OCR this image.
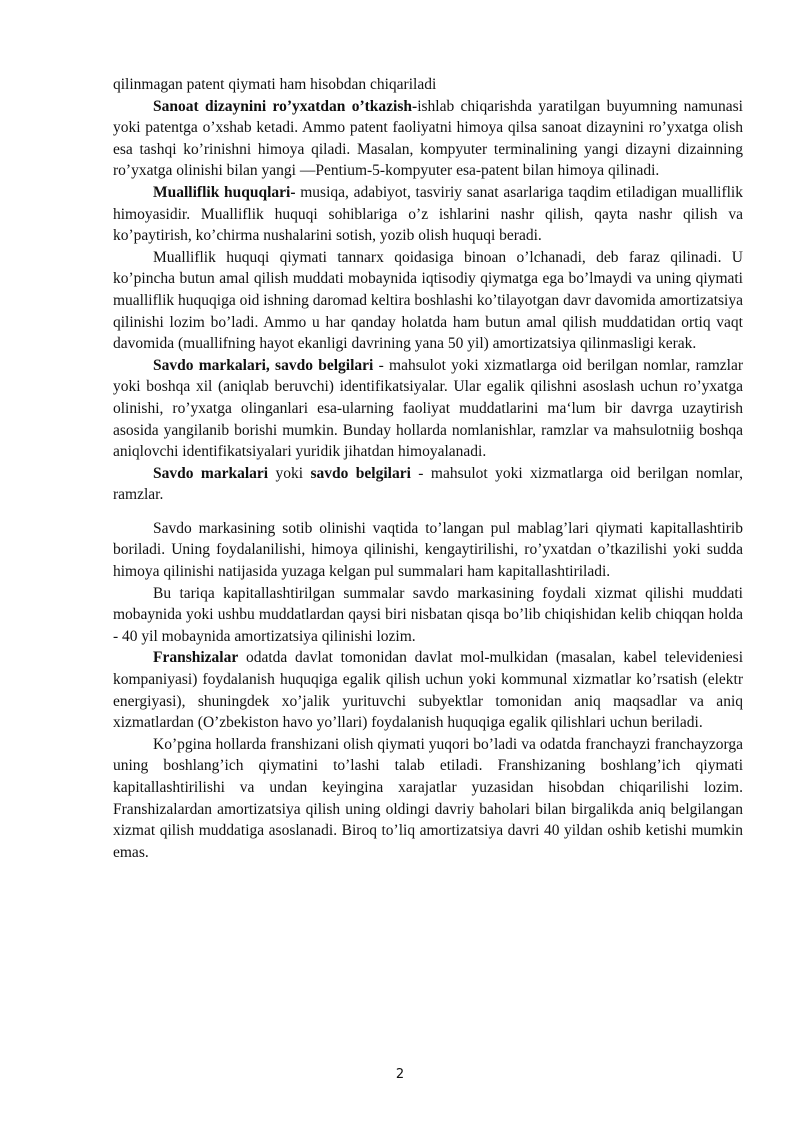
qilinmagan patent qiymati ham hisobdan chiqariladi

Sanoat dizaynini ro’yxatdan o’tkazish-ishlab chiqarishda yaratilgan buyumning namunasi yoki patentga o’xshab ketadi. Ammo patent faoliyatni himoya qilsa sanoat dizaynini ro’yxatga olish esa tashqi ko’rinishni himoya qiladi. Masalan, kompyuter terminalining yangi dizayni dizainning ro’yxatga olinishi bilan yangi —Pentium-5-kompyuter esa-patent bilan himoya qilinadi.

Mualliflik huquqlari- musiqa, adabiyot, tasviriy sanat asarlariga taqdim etiladigan mualliflik himoyasidir. Mualliflik huquqi sohiblariga o’z ishlarini nashr qilish, qayta nashr qilish va ko’paytirish, ko’chirma nushalarini sotish, yozib olish huquqi beradi.

Mualliflik huquqi qiymati tannarx qoidasiga binoan o’lchanadi, deb faraz qilinadi. U ko’pincha butun amal qilish muddati mobaynida iqtisodiy qiymatga ega bo’lmaydi va uning qiymati mualliflik huquqiga oid ishning daromad keltira boshlashi ko’tilayotgan davr davomida amortizatsiya qilinishi lozim bo’ladi. Ammo u har qanday holatda ham butun amal qilish muddatidan ortiq vaqt davomida (muallifning hayot ekanligi davrining yana 50 yil) amortizatsiya qilinmasligi kerak.

Savdo markalari, savdo belgilari - mahsulot yoki xizmatlarga oid berilgan nomlar, ramzlar yoki boshqa xil (aniqlab beruvchi) identifikatsiyalar. Ular egalik qilishni asoslash uchun ro’yxatga olinishi, ro’yxatga olinganlari esa-ularning faoliyat muddatlarini ma‘lum bir davrga uzaytirish asosida yangilanib borishi mumkin. Bunday hollarda nomlanishlar, ramzlar va mahsulotniig boshqa aniqlovchi identifikatsiyalari yuridik jihatdan himoyalanadi.

Savdo markalari yoki savdo belgilari - mahsulot yoki xizmatlarga oid berilgan nomlar, ramzlar.

Savdo markasining sotib olinishi vaqtida to’langan pul mablag’lari qiymati kapitallashtirib boriladi. Uning foydalanilishi, himoya qilinishi, kengaytirilishi, ro’yxatdan o’tkazilishi yoki sudda himoya qilinishi natijasida yuzaga kelgan pul summalari ham kapitallashtiriladi.

Bu tariqa kapitallashtirilgan summalar savdo markasining foydali xizmat qilishi muddati mobaynida yoki ushbu muddatlardan qaysi biri nisbatan qisqa bo’lib chiqishidan kelib chiqqan holda - 40 yil mobaynida amortizatsiya qilinishi lozim.

Franshizalar odatda davlat tomonidan davlat mol-mulkidan (masalan, kabel televideniesi kompaniyasi) foydalanish huquqiga egalik qilish uchun yoki kommunal xizmatlar ko’rsatish (elektr energiyasi), shuningdek xo’jalik yurituvchi subyektlar tomonidan aniq maqsadlar va aniq xizmatlardan (O’zbekiston havo yo’llari) foydalanish huquqiga egalik qilishlari uchun beriladi.

Ko’pgina hollarda franshizani olish qiymati yuqori bo’ladi va odatda franchayzi franchayzorga uning boshlang’ich qiymatini to’lashi talab etiladi. Franshizaning boshlang’ich qiymati kapitallashtirilishi va undan keyingina xarajatlar yuzasidan hisobdan chiqarilishi lozim. Franshizalardan amortizatsiya qilish uning oldingi davriy baholari bilan birgalikda aniq belgilangan xizmat qilish muddatiga asoslanadi. Biroq to’liq amortizatsiya davri 40 yildan oshib ketishi mumkin emas.

2
